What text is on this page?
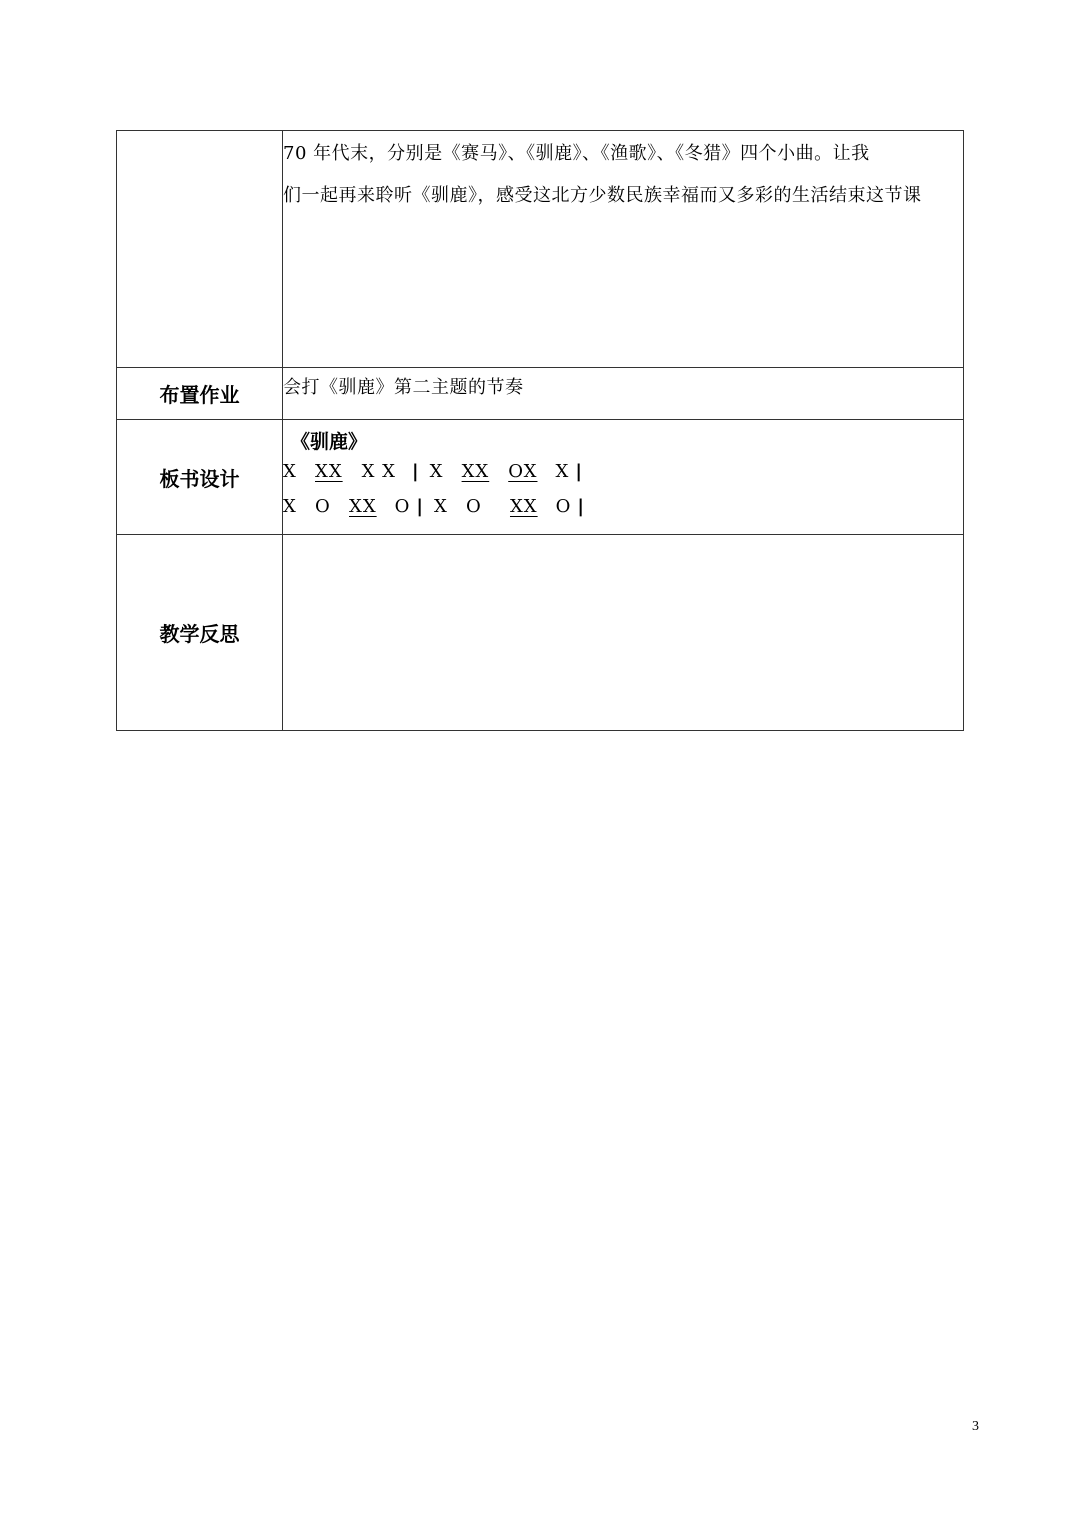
	70 年代末，分别是《赛马》、《驯鹿》、《渔歌》、《冬猎》四个小曲。让我
们一起再来聆听《驯鹿》，感受这北方少数民族幸福而又多彩的生活结束这节课

布置作业	会打《驯鹿》第二主题的节奏

板书设计	《驯鹿》
X XX X X | X XX OX X |
X O XX O | X O XX O |

教学反思	
3
